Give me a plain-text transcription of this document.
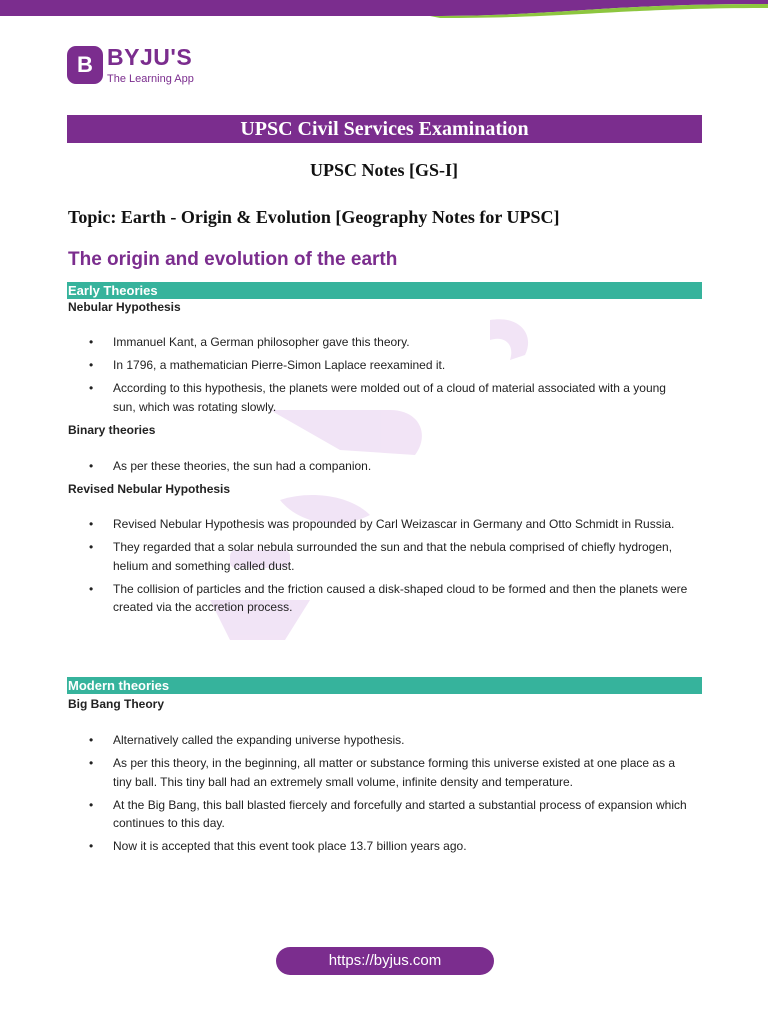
B BYJU'S
The Learning App
UPSC Civil Services Examination
UPSC Notes [GS-I]
Topic: Earth - Origin & Evolution [Geography Notes for UPSC]
The origin and evolution of the earth
Early Theories
Nebular Hypothesis
• Immanuel Kant, a German philosopher gave this theory.
• In 1796, a mathematician Pierre-Simon Laplace reexamined it.
• According to this hypothesis, the planets were molded out of a cloud of material associated with a young sun, which was rotating slowly.
Binary theories
• As per these theories, the sun had a companion.
Revised Nebular Hypothesis
• Revised Nebular Hypothesis was propounded by Carl Weizascar in Germany and Otto Schmidt in Russia.
• They regarded that a solar nebula surrounded the sun and that the nebula comprised of chiefly hydrogen, helium and something called dust.
• The collision of particles and the friction caused a disk-shaped cloud to be formed and then the planets were created via the accretion process.
Modern theories
Big Bang Theory
• Alternatively called the expanding universe hypothesis.
• As per this theory, in the beginning, all matter or substance forming this universe existed at one place as a tiny ball. This tiny ball had an extremely small volume, infinite density and temperature.
• At the Big Bang, this ball blasted fiercely and forcefully and started a substantial process of expansion which continues to this day.
• Now it is accepted that this event took place 13.7 billion years ago.
https://byjus.com
